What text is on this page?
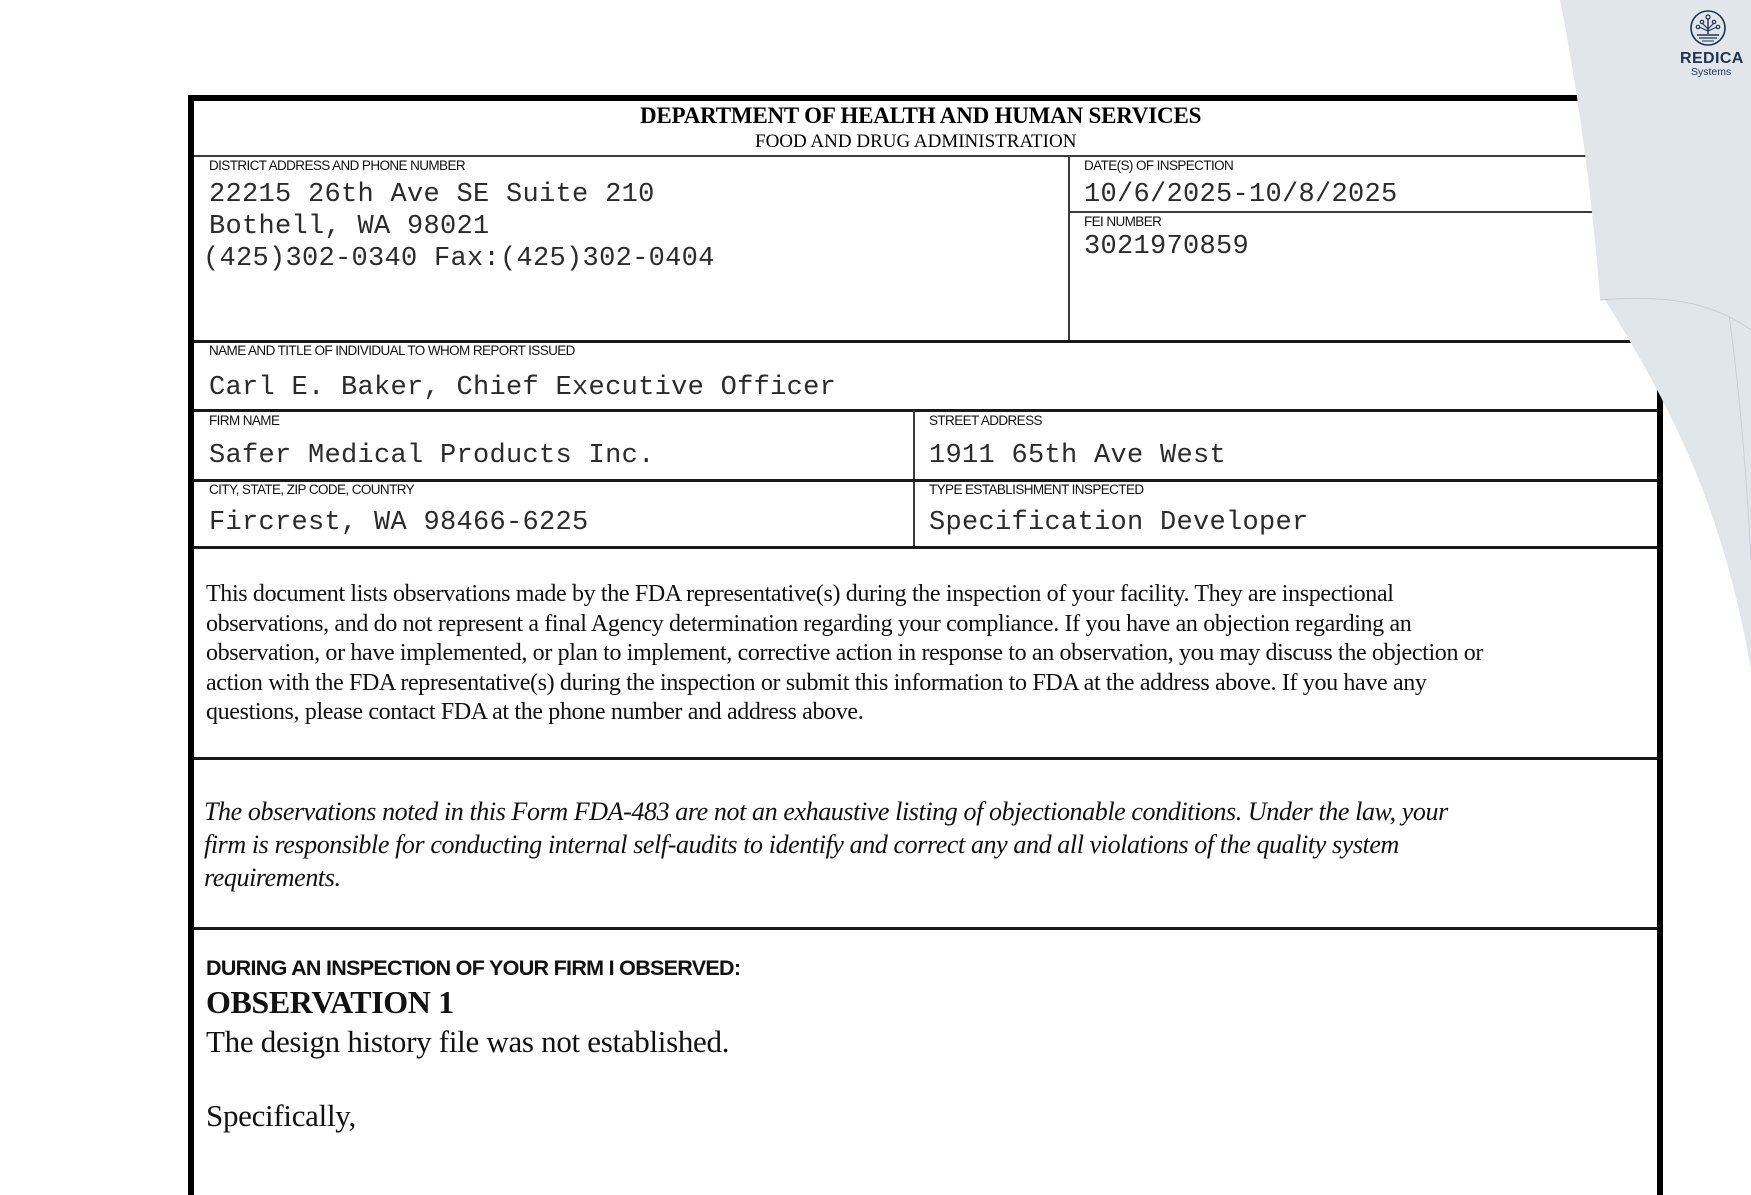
DEPARTMENT OF HEALTH AND HUMAN SERVICES
FOOD AND DRUG ADMINISTRATION
DISTRICT ADDRESS AND PHONE NUMBER
22215 26th Ave SE Suite 210
Bothell, WA 98021
(425)302-0340 Fax:(425)302-0404
DATE(S) OF INSPECTION
10/6/2025-10/8/2025
FEI NUMBER
3021970859
NAME AND TITLE OF INDIVIDUAL TO WHOM REPORT ISSUED
Carl E. Baker, Chief Executive Officer
FIRM NAME
Safer Medical Products Inc.
STREET ADDRESS
1911 65th Ave West
CITY, STATE, ZIP CODE, COUNTRY
Fircrest, WA 98466-6225
TYPE ESTABLISHMENT INSPECTED
Specification Developer
This document lists observations made by the FDA representative(s) during the inspection of your facility. They are inspectional
observations, and do not represent a final Agency determination regarding your compliance. If you have an objection regarding an
observation, or have implemented, or plan to implement, corrective action in response to an observation, you may discuss the objection or
action with the FDA representative(s) during the inspection or submit this information to FDA at the address above. If you have any
questions, please contact FDA at the phone number and address above.
The observations noted in this Form FDA-483 are not an exhaustive listing of objectionable conditions. Under the law, your
firm is responsible for conducting internal self-audits to identify and correct any and all violations of the quality system
requirements.
DURING AN INSPECTION OF YOUR FIRM I OBSERVED:
OBSERVATION 1
The design history file was not established.
Specifically,
REDICA
Systems
